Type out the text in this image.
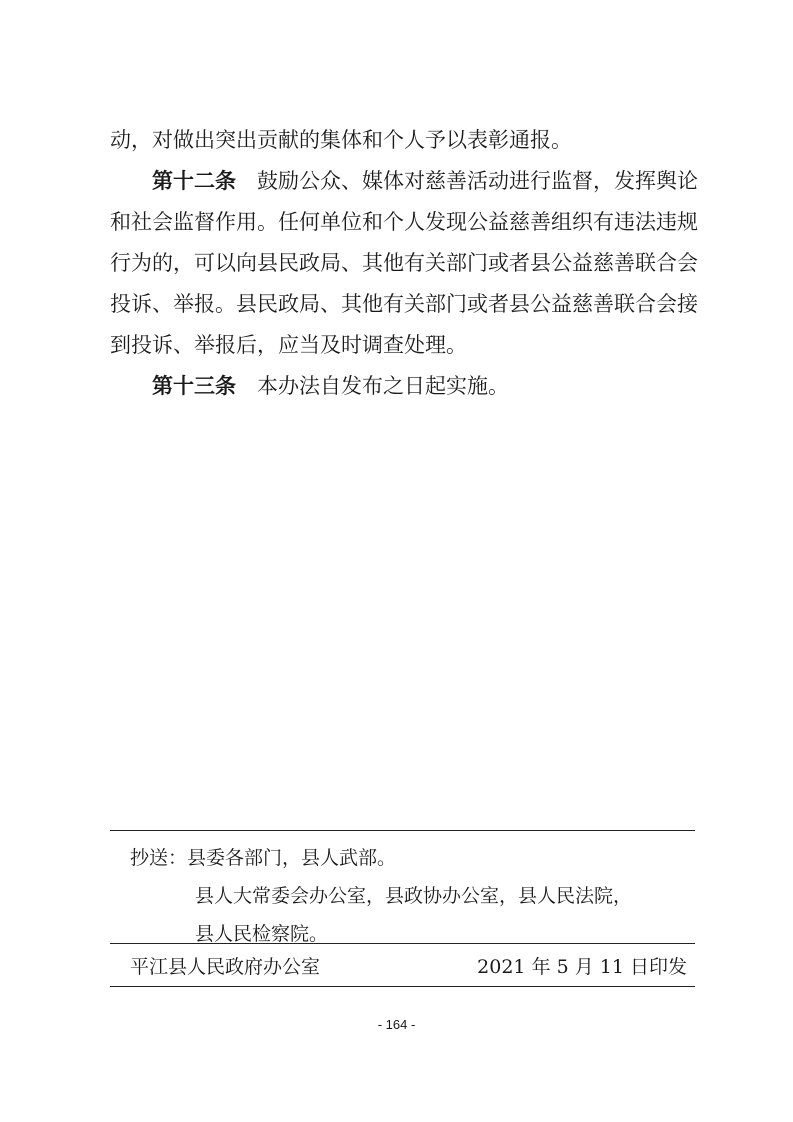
动，对做出突出贡献的集体和个人予以表彰通报。
第十二条 鼓励公众、媒体对慈善活动进行监督，发挥舆论
和社会监督作用。任何单位和个人发现公益慈善组织有违法违规
行为的，可以向县民政局、其他有关部门或者县公益慈善联合会
投诉、举报。县民政局、其他有关部门或者县公益慈善联合会接
到投诉、举报后，应当及时调查处理。
第十三条 本办法自发布之日起实施。
抄送：县委各部门，县人武部。
县人大常委会办公室，县政协办公室，县人民法院，
县人民检察院。
平江县人民政府办公室	2021 年 5 月 11 日印发
- 164 -
